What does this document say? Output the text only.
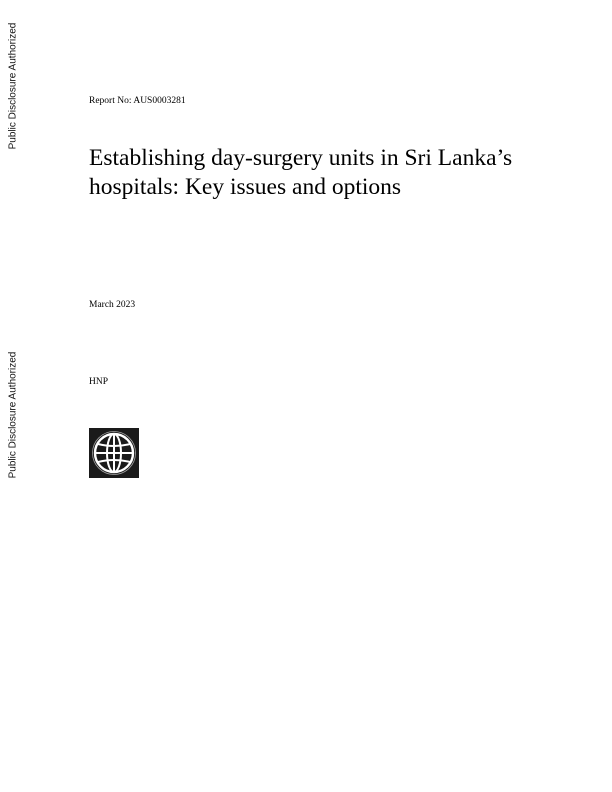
Public Disclosure Authorized
Public Disclosure Authorized
Report No: AUS0003281
Establishing day-surgery units in Sri Lanka’s hospitals: Key issues and options
March 2023
HNP
